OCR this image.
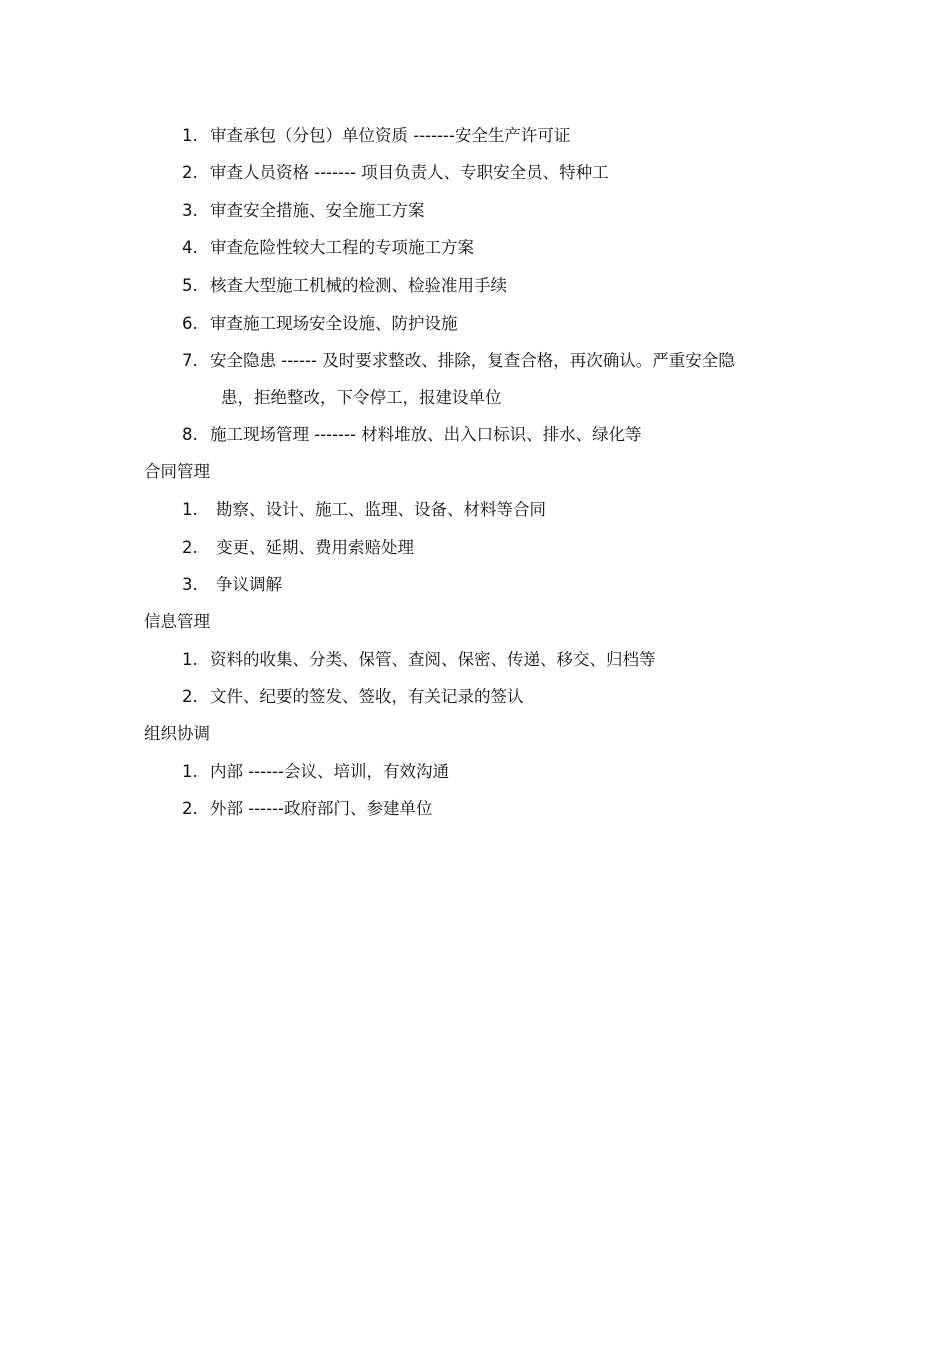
1. 审查承包（分包）单位资质 -------安全生产许可证
2. 审查人员资格 ------- 项目负责人、专职安全员、特种工
3. 审查安全措施、安全施工方案
4. 审查危险性较大工程的专项施工方案
5. 核查大型施工机械的检测、检验准用手续
6. 审查施工现场安全设施、防护设施
7. 安全隐患 ------ 及时要求整改、排除，复查合格，再次确认。严重安全隐
患，拒绝整改，下令停工，报建设单位
8. 施工现场管理 ------- 材料堆放、出入口标识、排水、绿化等
合同管理
1. 勘察、设计、施工、监理、设备、材料等合同
2. 变更、延期、费用索赔处理
3. 争议调解
信息管理
1. 资料的收集、分类、保管、查阅、保密、传递、移交、归档等
2. 文件、纪要的签发、签收，有关记录的签认
组织协调
1. 内部 ------会议、培训，有效沟通
2. 外部 ------政府部门、参建单位
